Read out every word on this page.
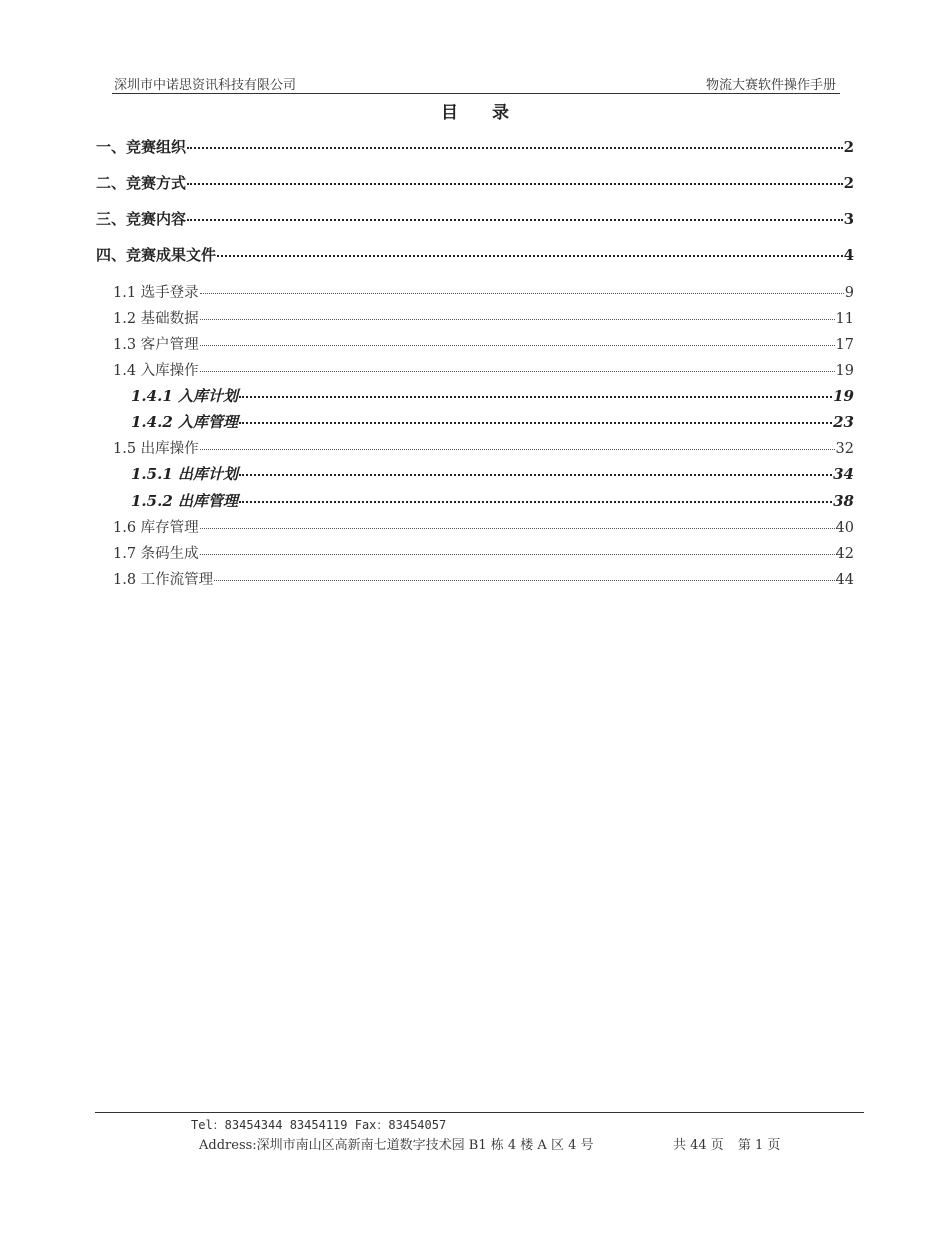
深圳市中诺思资讯科技有限公司	物流大赛软件操作手册
目 录
一、竞赛组织	2
二、竞赛方式	2
三、竞赛内容	3
四、竞赛成果文件	4
1.1 选手登录	9
1.2 基础数据	11
1.3 客户管理	17
1.4 入库操作	19
1.4.1 入库计划	19
1.4.2 入库管理	23
1.5 出库操作	32
1.5.1 出库计划	34
1.5.2 出库管理	38
1.6 库存管理	40
1.7 条码生成	42
1.8 工作流管理	44
Tel：83454344 83454119 Fax：83454057
Address:深圳市南山区高新南七道数字技术园 B1 栋 4 楼 A 区 4 号	共 44 页 第 1 页
